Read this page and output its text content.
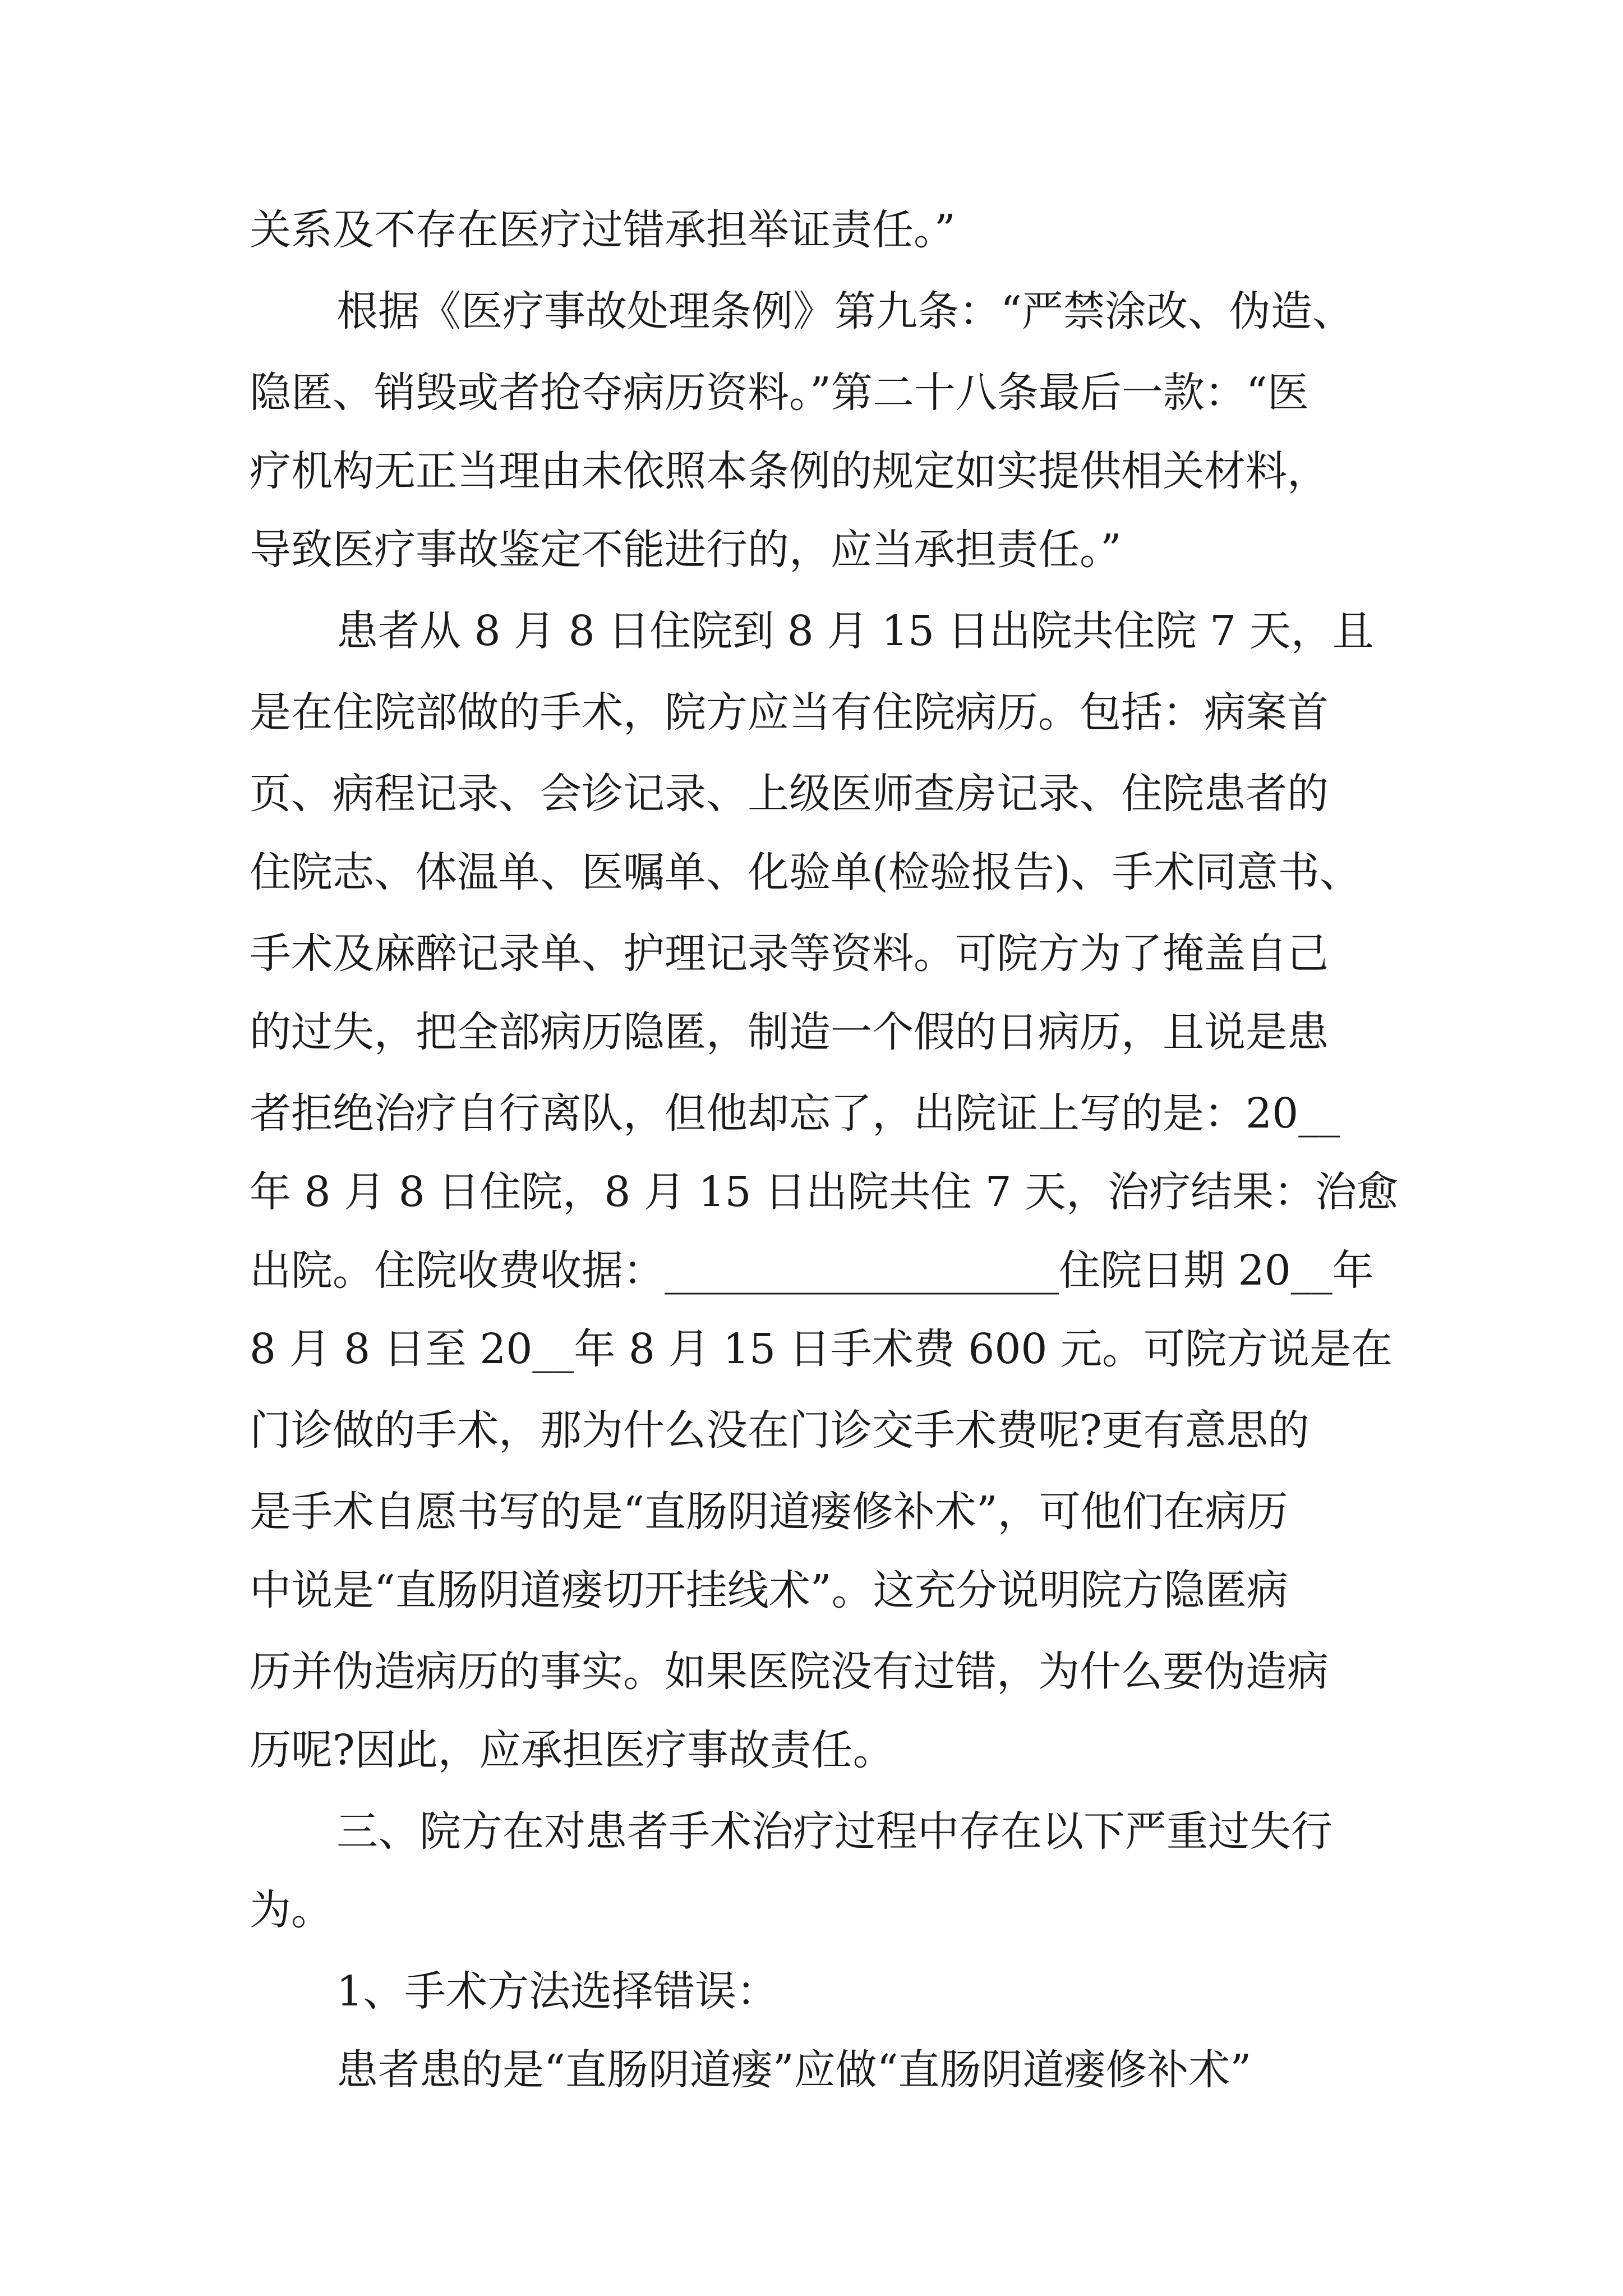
关系及不存在医疗过错承担举证责任。”
根据《医疗事故处理条例》第九条：“严禁涂改、伪造、
隐匿、销毁或者抢夺病历资料。”第二十八条最后一款：“医
疗机构无正当理由未依照本条例的规定如实提供相关材料，
导致医疗事故鉴定不能进行的，应当承担责任。”
患者从 8 月 8 日住院到 8 月 15 日出院共住院 7 天，且
是在住院部做的手术，院方应当有住院病历。包括：病案首
页、病程记录、会诊记录、上级医师查房记录、住院患者的
住院志、体温单、医嘱单、化验单(检验报告)、手术同意书、
手术及麻醉记录单、护理记录等资料。可院方为了掩盖自己
的过失，把全部病历隐匿，制造一个假的日病历，且说是患
者拒绝治疗自行离队，但他却忘了，出院证上写的是：20__
年 8 月 8 日住院，8 月 15 日出院共住 7 天，治疗结果：治愈
出院。住院收费收据：___________________住院日期 20__年
8 月 8 日至 20__年 8 月 15 日手术费 600 元。可院方说是在
门诊做的手术，那为什么没在门诊交手术费呢?更有意思的
是手术自愿书写的是“直肠阴道瘘修补术”，可他们在病历
中说是“直肠阴道瘘切开挂线术”。这充分说明院方隐匿病
历并伪造病历的事实。如果医院没有过错，为什么要伪造病
历呢?因此，应承担医疗事故责任。
三、院方在对患者手术治疗过程中存在以下严重过失行
为。
1、手术方法选择错误：
患者患的是“直肠阴道瘘”应做“直肠阴道瘘修补术”
